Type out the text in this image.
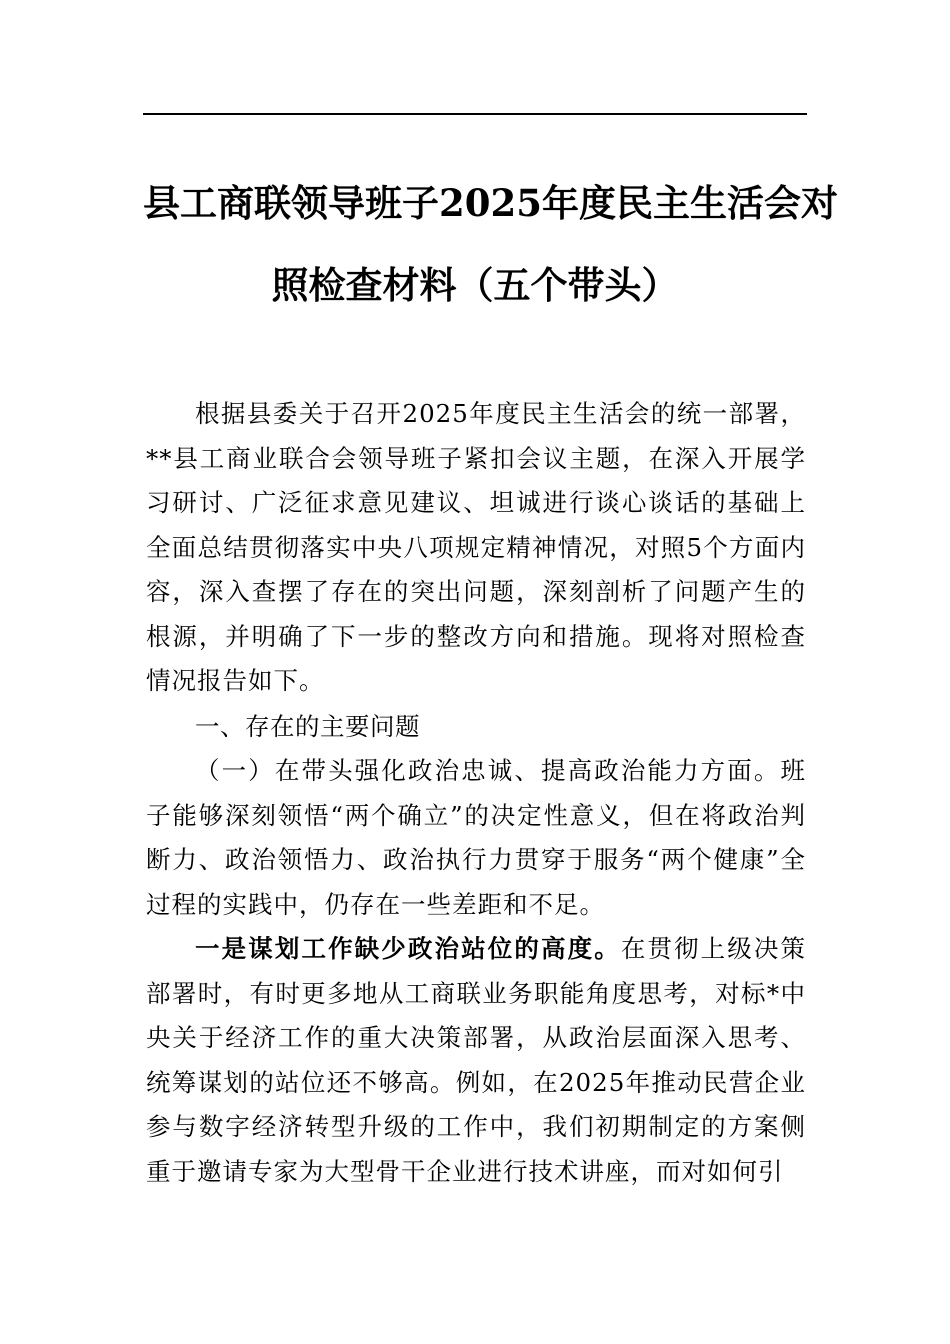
县工商联领导班子2025年度民主生活会对
照检查材料（五个带头）

根据县委关于召开2025年度民主生活会的统一部署，**县工商业联合会领导班子紧扣会议主题，在深入开展学习研讨、广泛征求意见建议、坦诚进行谈心谈话的基础上全面总结贯彻落实中央八项规定精神情况，对照5个方面内容，深入查摆了存在的突出问题，深刻剖析了问题产生的根源，并明确了下一步的整改方向和措施。现将对照检查情况报告如下。

一、存在的主要问题

（一）在带头强化政治忠诚、提高政治能力方面。班子能够深刻领悟“两个确立”的决定性意义，但在将政治判断力、政治领悟力、政治执行力贯穿于服务“两个健康”全过程的实践中，仍存在一些差距和不足。

一是谋划工作缺少政治站位的高度。在贯彻上级决策部署时，有时更多地从工商联业务职能角度思考，对标*中央关于经济工作的重大决策部署，从政治层面深入思考、统筹谋划的站位还不够高。例如，在2025年推动民营企业参与数字经济转型升级的工作中，我们初期制定的方案侧重于邀请专家为大型骨干企业进行技术讲座，而对如何引
